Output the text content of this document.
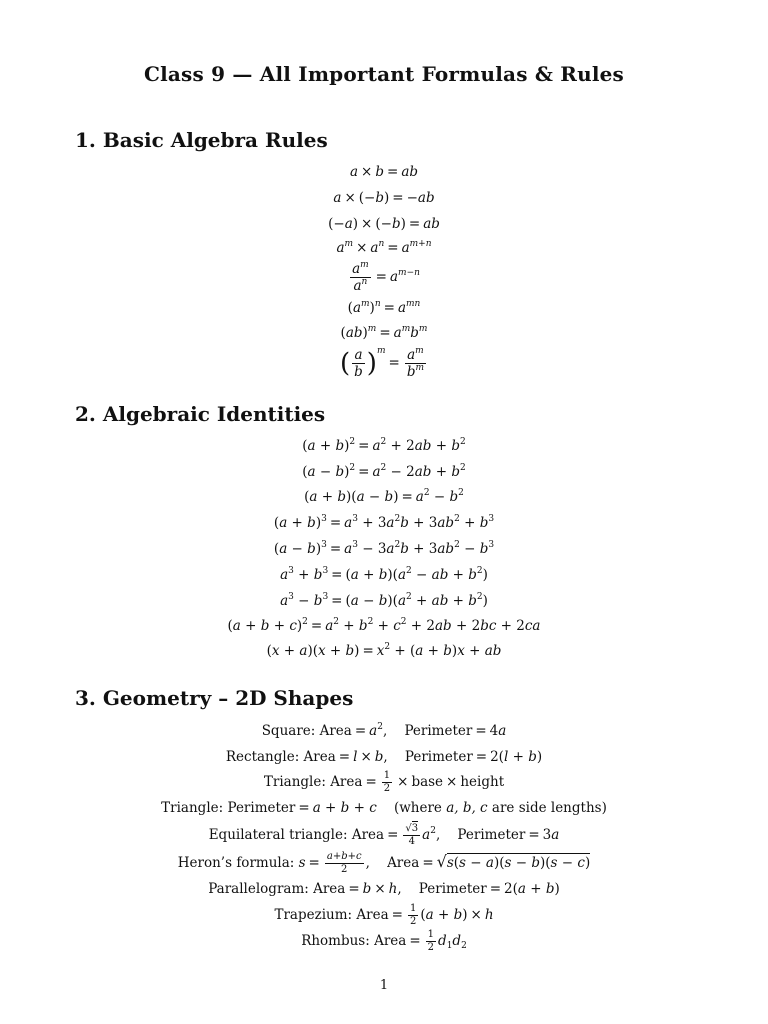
Class 9 — All Important Formulas & Rules
1. Basic Algebra Rules
a × b = ab
a × (−b) = −ab
(−a) × (−b) = ab
$a^m \times a^n = a^{m+n}$
$\frac{a^m}{a^n} = a^{m-n}$
$(a^m)^n = a^{mn}$
$(ab)^m = a^mb^m$
( $\frac{a}{b} )^m= \frac{a^m}{b^m}$
2. Algebraic Identities
$(a + b)^2 = a^2 + 2ab + b^2$
$(a - b)^2 = a^2 - 2ab + b^2$
$(a + b)(a - b) = a^2 - b^2$
$(a + b)^3 = a^3 + 3a^2b + 3ab^2 + b^3$
$(a - b)^3 = a^3 - 3a^2b + 3ab^2 - b^3$
$a^3 + b^3 = (a + b)(a^2$ − ab + $b^2$)
$a^3 - b^3 = (a - b)(a^2$ + ab + $b^2$)
$(a + b + c)^2 = a^2 + b^2 + c^2 + 2ab + 2bc + 2ca$
$(x + a)(x + b) = x^2 + (a + b)x$ + ab
3. Geometry – 2D Shapes
Square: Area = $a^2$,    Perimeter = 4a
Rectangle: Area = l × b,    Perimeter = 2(l + b)
Triangle: Area = $\frac{1}{2}$ × base × height
Triangle: Perimeter = a + b + c (where a, b, c are side lengths)
Equilateral triangle: Area = $\frac{√3}{4} a^2$,    Perimeter = 3a
Heron’s formula: $s = \frac{a+b+c}{2}$ ,    Area = √s(s − a)(s − b)(s − c)
Parallelogram: Area = b × h,    Perimeter = 2(a + b)
Trapezium: Area = $\frac{1}{2} (a + b) \times h$
Rhombus: Area = $\frac{1}{2} d_1d_2$
1
